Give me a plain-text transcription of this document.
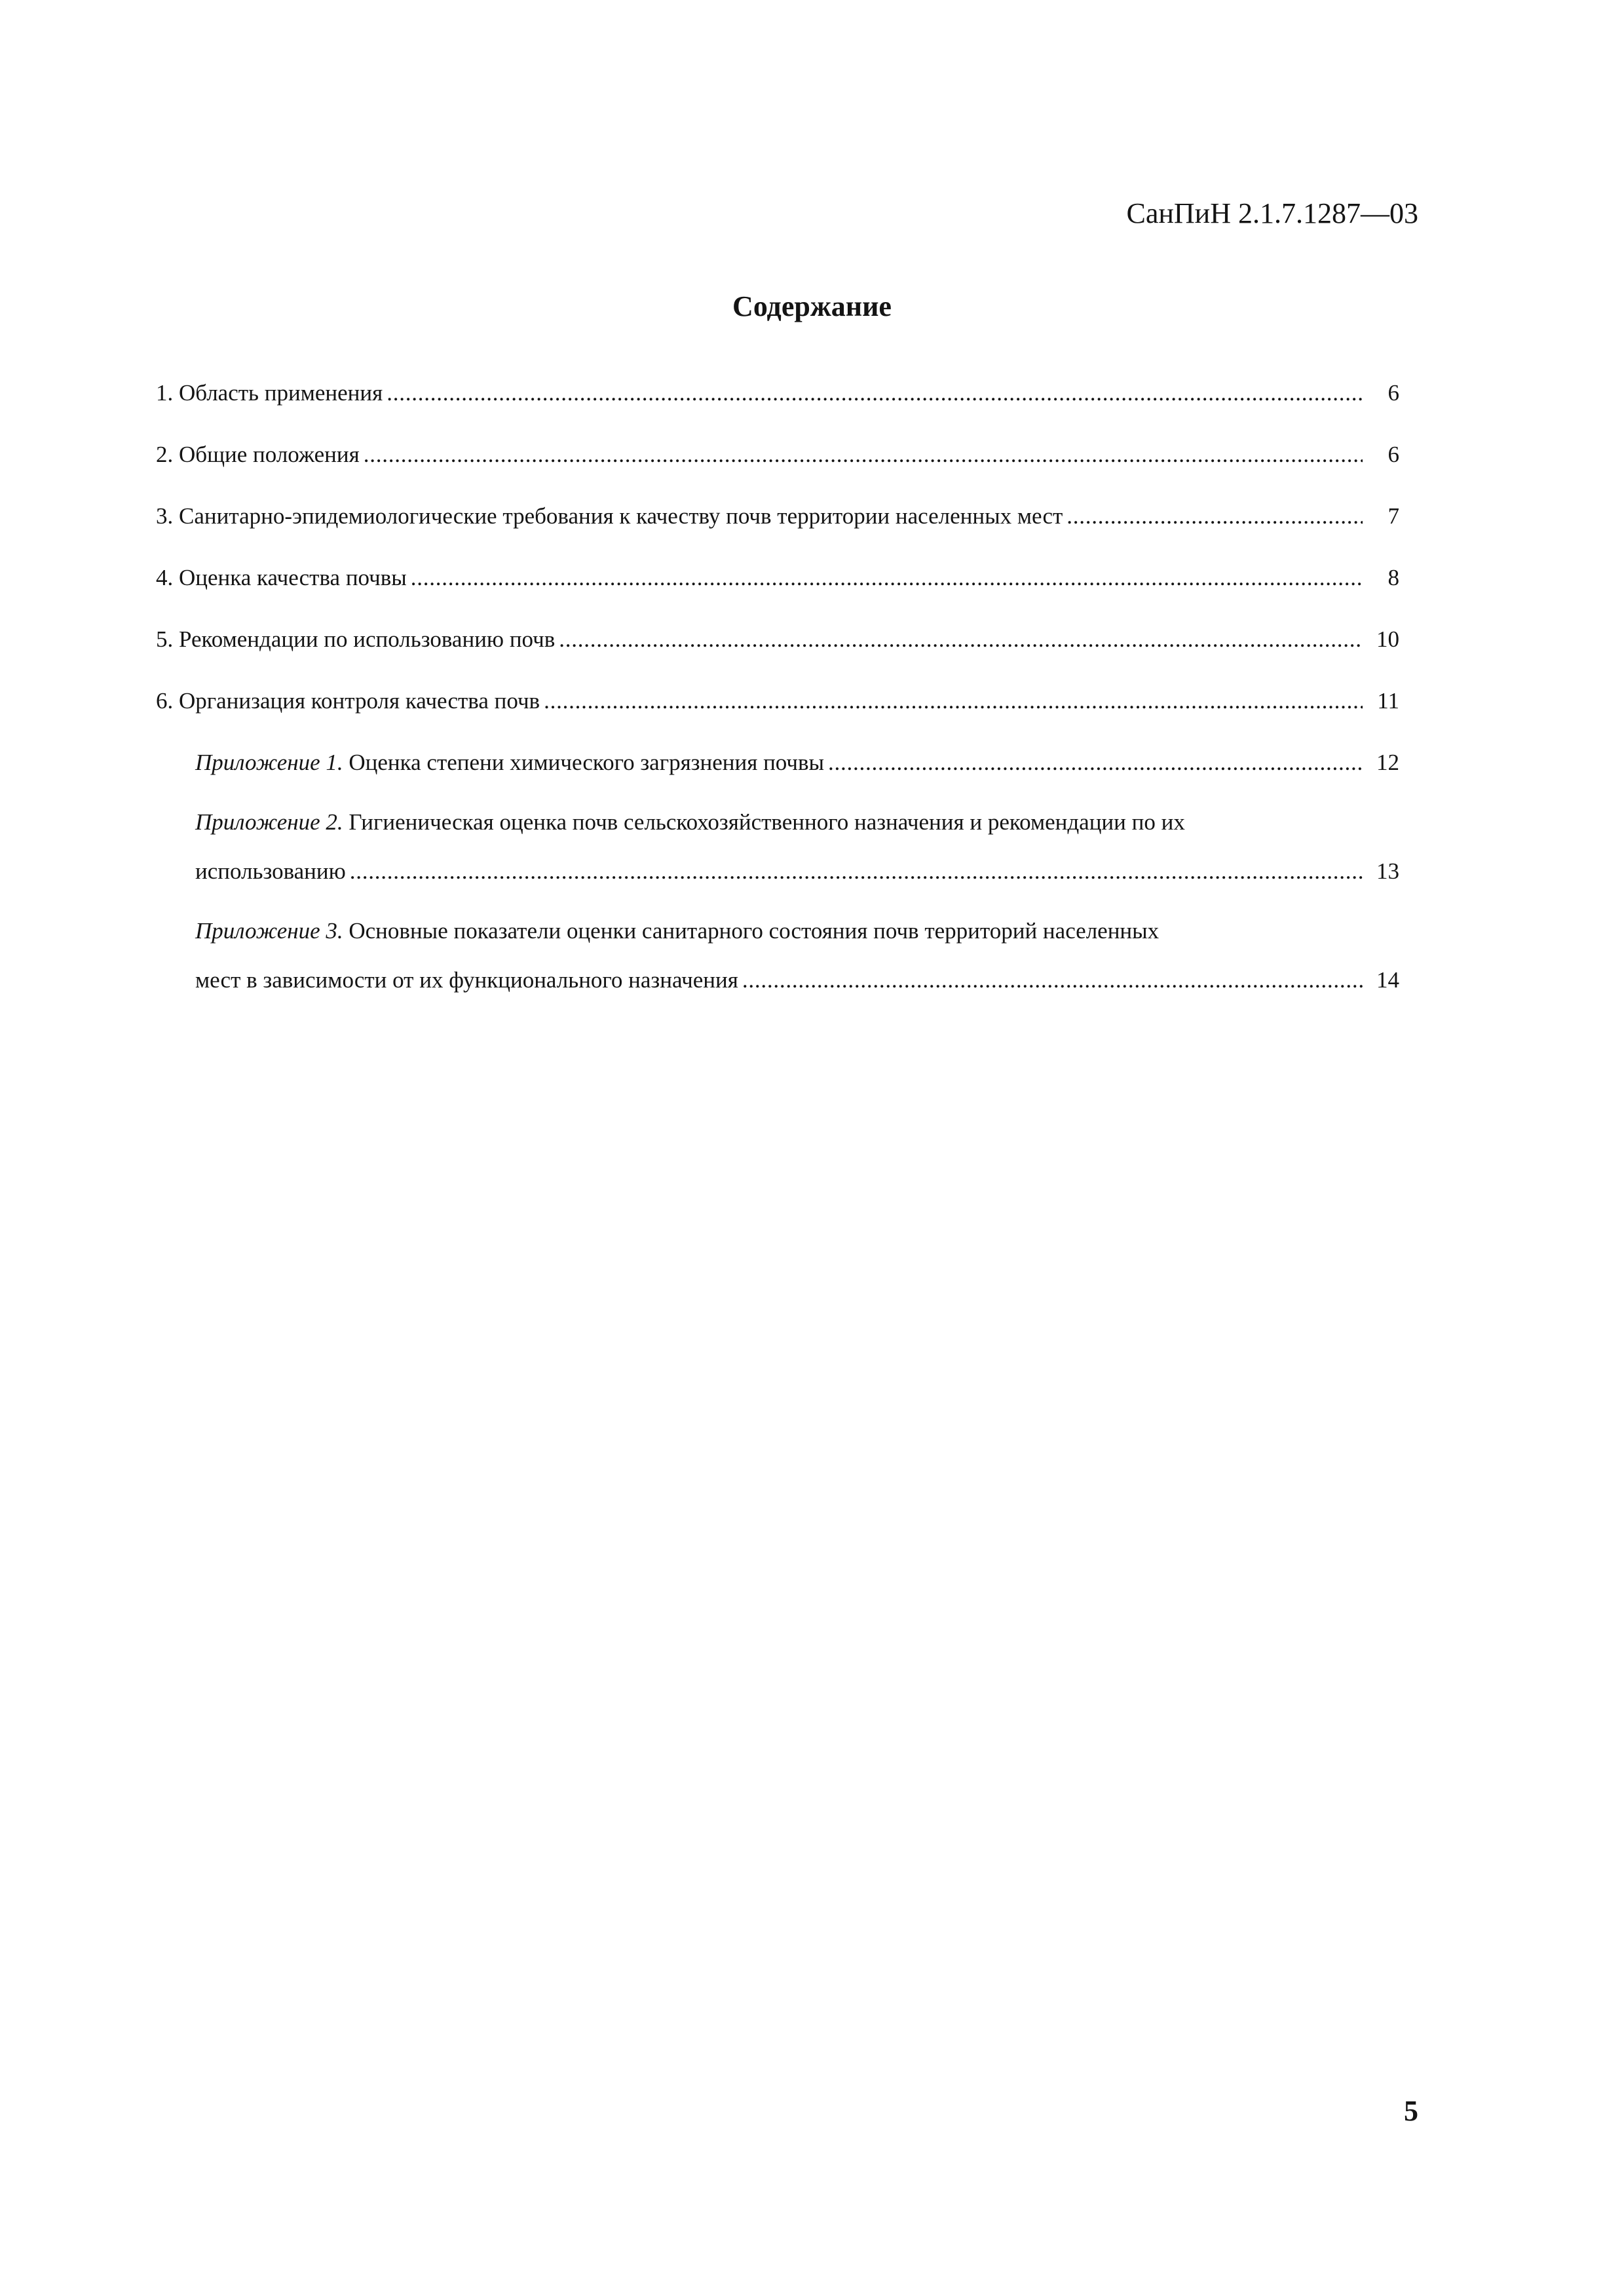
СанПиН 2.1.7.1287—03
Содержание
1. Область применения . . .	6
2. Общие положения . . .	6
3. Санитарно-эпидемиологические требования к качеству почв территории населенных мест . . .	7
4. Оценка качества почвы . . .	8
5. Рекомендации по использованию почв . . .	10
6. Организация контроля качества почв . . .	11
Приложение 1. Оценка степени химического загрязнения почвы . . .	12
Приложение 2. Гигиеническая оценка почв сельскохозяйственного назначения и рекомендации по их
использованию . . .	13
Приложение 3. Основные показатели оценки санитарного состояния почв территорий населенных
мест в зависимости от их функционального назначения . . .	14
5
